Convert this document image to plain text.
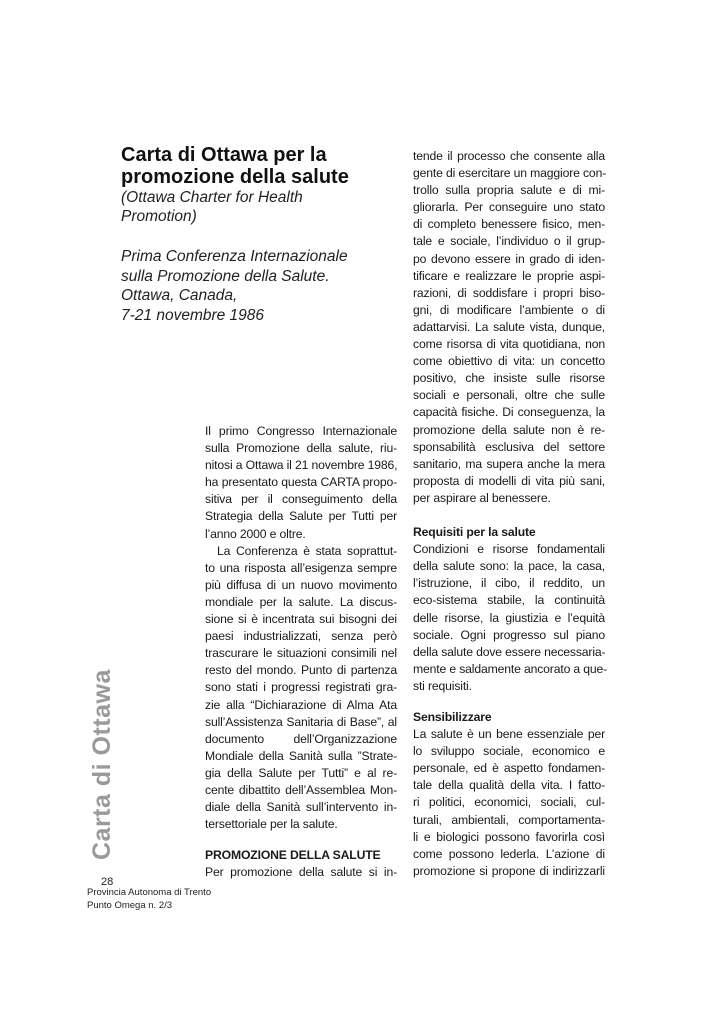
Carta di Ottawa per la
promozione della salute

(Ottawa Charter for Health
Promotion)

Prima Conferenza Internazionale
sulla Promozione della Salute.
Ottawa, Canada,
7-21 novembre 1986

Il primo Congresso Internazionale
sulla Promozione della salute, riu-
nitosi a Ottawa il 21 novembre 1986,
ha presentato questa CARTA propo-
sitiva per il conseguimento della
Strategia della Salute per Tutti per
l’anno 2000 e oltre.
La Conferenza è stata soprattut-
to una risposta all’esigenza sempre
più diffusa di un nuovo movimento
mondiale per la salute. La discus-
sione si è incentrata sui bisogni dei
paesi industrializzati, senza però
trascurare le situazioni consimili nel
resto del mondo. Punto di partenza
sono stati i progressi registrati gra-
zie alla “Dichiarazione di Alma Ata
sull’Assistenza Sanitaria di Base”, al
documento dell’Organizzazione
Mondiale della Sanità sulla ”Strate-
gia della Salute per Tutti” e al re-
cente dibattito dell’Assemblea Mon-
diale della Sanità sull’intervento in-
tersettoriale per la salute.
PROMOZIONE DELLA SALUTE
Per promozione della salute si in-
tende il processo che consente alla
gente di esercitare un maggiore con-
trollo sulla propria salute e di mi-
gliorarla. Per conseguire uno stato
di completo benessere fisico, men-
tale e sociale, l’individuo o il grup-
po devono essere in grado di iden-
tificare e realizzare le proprie aspi-
razioni, di soddisfare i propri biso-
gni, di modificare l’ambiente o di
adattarvisi. La salute vista, dunque,
come risorsa di vita quotidiana, non
come obiettivo di vita: un concetto
positivo, che insiste sulle risorse
sociali e personali, oltre che sulle
capacità fisiche. Di conseguenza, la
promozione della salute non è re-
sponsabilità esclusiva del settore
sanitario, ma supera anche la mera
proposta di modelli di vita più sani,
per aspirare al benessere.
Requisiti per la salute
Condizioni e risorse fondamentali
della salute sono: la pace, la casa,
l’istruzione, il cibo, il reddito, un
eco-sistema stabile, la continuità
delle risorse, la giustizia e l’equità
sociale. Ogni progresso sul piano
della salute dove essere necessaria-
mente e saldamente ancorato a que-
sti requisiti.
Sensibilizzare
La salute è un bene essenziale per
lo sviluppo sociale, economico e
personale, ed è aspetto fondamen-
tale della qualità della vita. I fatto-
ri politici, economici, sociali, cul-
turali, ambientali, comportamenta-
li e biologici possono favorirla così
come possono lederla. L’azione di
promozione si propone di indirizzarli
Carta di Ottawa
28
Provincia Autonoma di Trento
Punto Omega n. 2/3
